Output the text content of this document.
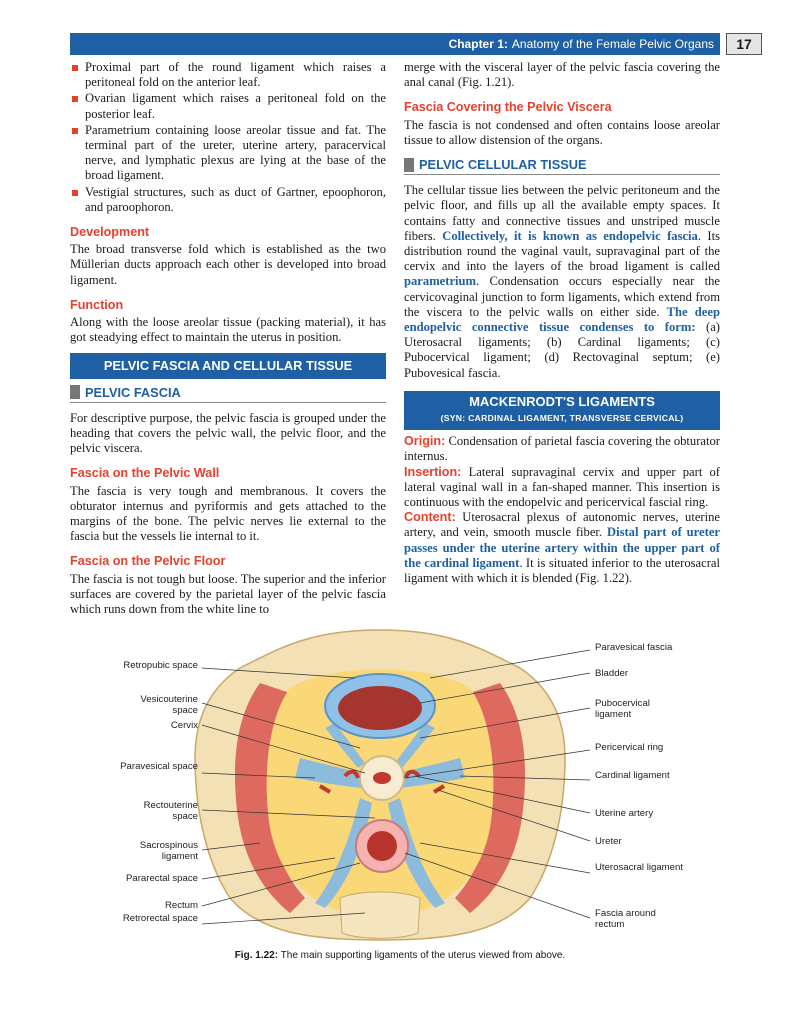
Chapter 1: Anatomy of the Female Pelvic Organs	17
Proximal part of the round ligament which raises a peritoneal fold on the anterior leaf.
Ovarian ligament which raises a peritoneal fold on the posterior leaf.
Parametrium containing loose areolar tissue and fat. The terminal part of the ureter, uterine artery, paracervical nerve, and lymphatic plexus are lying at the base of the broad ligament.
Vestigial structures, such as duct of Gartner, epoophoron, and paroophoron.
Development

The broad transverse fold which is established as the two Müllerian ducts approach each other is developed into broad ligament.

Function

Along with the loose areolar tissue (packing material), it has got steadying effect to maintain the uterus in position.

PELVIC FASCIA AND CELLULAR TISSUE
PELVIC FASCIA

For descriptive purpose, the pelvic fascia is grouped under the heading that covers the pelvic wall, the pelvic floor, and the pelvic viscera.

Fascia on the Pelvic Wall

The fascia is very tough and membranous. It covers the obturator internus and pyriformis and gets attached to the margins of the bone. The pelvic nerves lie external to the fascia but the vessels lie internal to it.

Fascia on the Pelvic Floor

The fascia is not tough but loose. The superior and the inferior surfaces are covered by the parietal layer of the pelvic fascia which runs down from the white line to

merge with the visceral layer of the pelvic fascia covering the anal canal (Fig. 1.21).

Fascia Covering the Pelvic Viscera

The fascia is not condensed and often contains loose areolar tissue to allow distension of the organs.

PELVIC CELLULAR TISSUE

The cellular tissue lies between the pelvic peritoneum and the pelvic floor, and fills up all the available empty spaces. It contains fatty and connective tissues and unstriped muscle fibers. Collectively, it is known as endopelvic fascia. Its distribution round the vaginal vault, supravaginal part of the cervix and into the layers of the broad ligament is called parametrium. Condensation occurs especially near the cervicovaginal junction to form ligaments, which extend from the viscera to the pelvic walls on either side. The deep endopelvic connective tissue condenses to form: (a) Uterosacral ligaments; (b) Cardinal ligaments; (c) Pubocervical ligament; (d) Rectovaginal septum; (e) Pubovesical fascia.

MACKENRODT'S LIGAMENTS
(SYN: CARDINAL LIGAMENT, TRANSVERSE CERVICAL)

Origin: Condensation of parietal fascia covering the obturator internus.

Insertion: Lateral supravaginal cervix and upper part of lateral vaginal wall in a fan-shaped manner. This insertion is continuous with the endopelvic and pericervical fascial ring.

Content: Uterosacral plexus of autonomic nerves, uterine artery, and vein, smooth muscle fiber. Distal part of ureter passes under the uterine artery within the upper part of the cardinal ligament. It is situated inferior to the uterosacral ligament with which it is blended (Fig. 1.22).

Retropubic space
Vesicouterine space
Cervix
Paravesical space
Rectouterine space
Sacrospinous ligament
Pararectal space
Rectum
Retrorectal space
Paravesical fascia
Bladder
Pubocervical ligament
Pericervical ring
Cardinal ligament
Uterine artery
Ureter
Uterosacral ligament
Fascia around rectum
Fig. 1.22: The main supporting ligaments of the uterus viewed from above.
